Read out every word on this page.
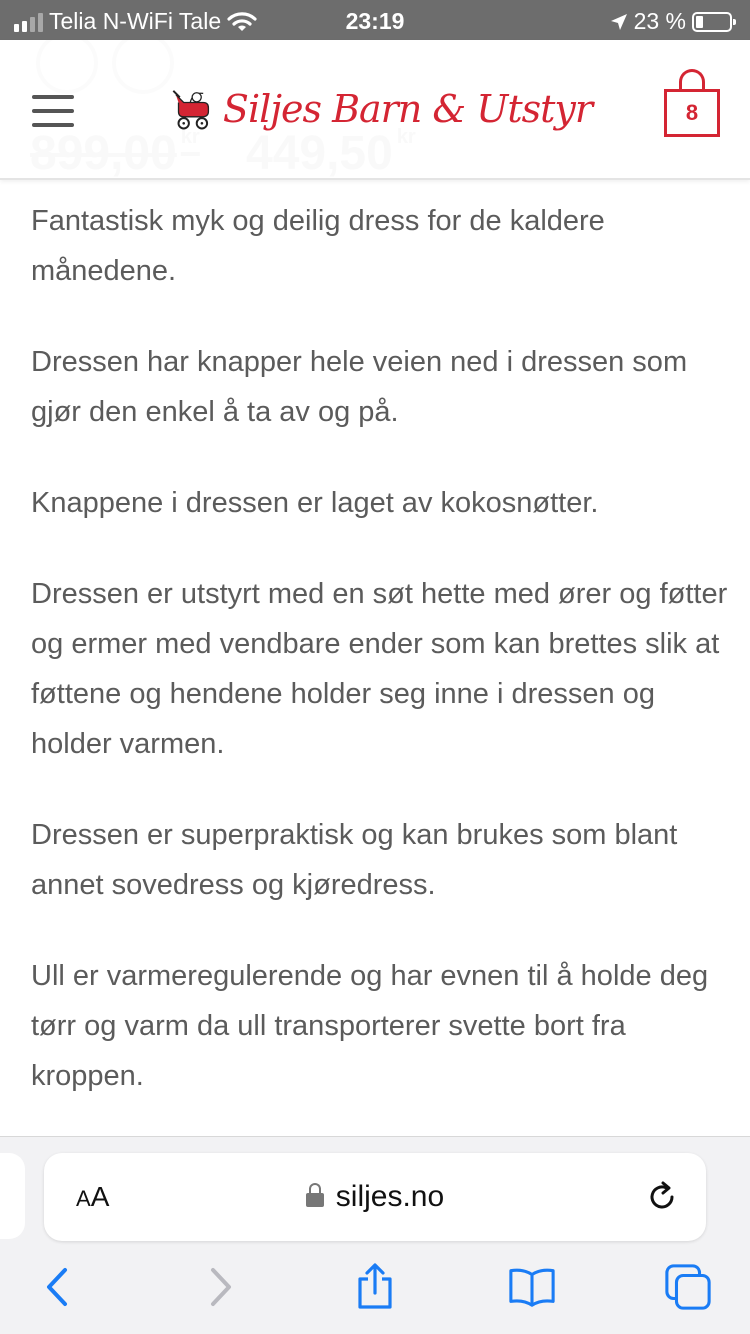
Telia N-WiFi Tale	23:19	23 %
Siljes Barn & Utstyr	8

Fantastisk myk og deilig dress for de kaldere månedene.

Dressen har knapper hele veien ned i dressen som gjør den enkel å ta av og på.

Knappene i dressen er laget av kokosnøtter.

Dressen er utstyrt med en søt hette med ører og føtter og ermer med vendbare ender som kan brettes slik at føttene og hendene holder seg inne i dressen og holder varmen.

Dressen er superpraktisk og kan brukes som blant annet sovedress og kjøredress.

Ull er varmeregulerende og har evnen til å holde deg tørr og varm da ull transporterer svette bort fra kroppen.

AA	siljes.no
